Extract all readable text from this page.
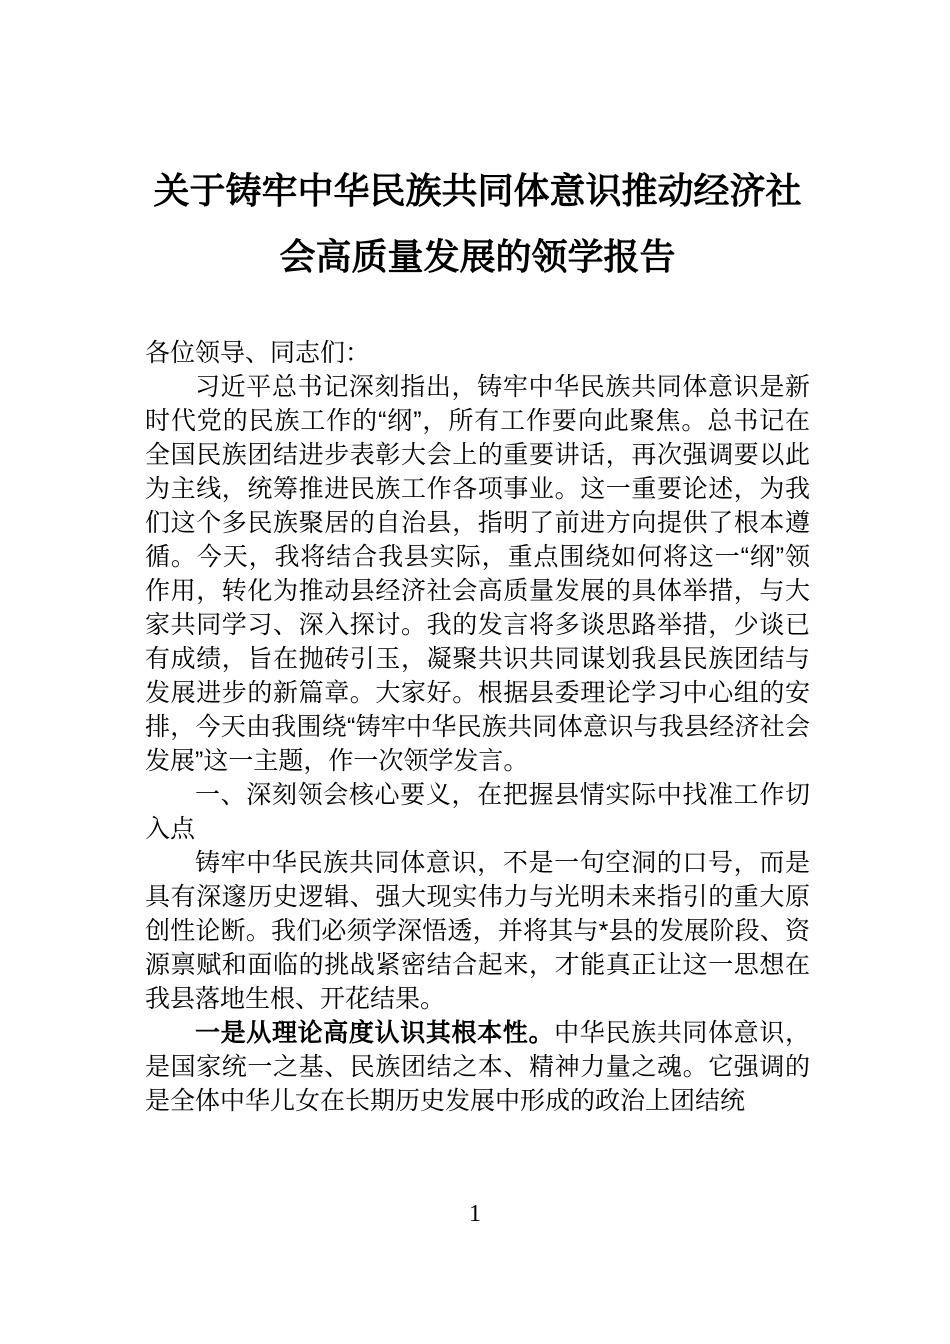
关于铸牢中华民族共同体意识推动经济社会高质量发展的领学报告

各位领导、同志们：

习近平总书记深刻指出，铸牢中华民族共同体意识是新时代党的民族工作的“纲”，所有工作要向此聚焦。总书记在全国民族团结进步表彰大会上的重要讲话，再次强调要以此为主线，统筹推进民族工作各项事业。这一重要论述，为我们这个多民族聚居的自治县，指明了前进方向提供了根本遵循。今天，我将结合我县实际，重点围绕如何将这一“纲”领作用，转化为推动县经济社会高质量发展的具体举措，与大家共同学习、深入探讨。我的发言将多谈思路举措，少谈已有成绩，旨在抛砖引玉，凝聚共识共同谋划我县民族团结与发展进步的新篇章。大家好。根据县委理论学习中心组的安排，今天由我围绕“铸牢中华民族共同体意识与我县经济社会发展”这一主题，作一次领学发言。

一、深刻领会核心要义，在把握县情实际中找准工作切入点

铸牢中华民族共同体意识，不是一句空洞的口号，而是具有深邃历史逻辑、强大现实伟力与光明未来指引的重大原创性论断。我们必须学深悟透，并将其与*县的发展阶段、资源禀赋和面临的挑战紧密结合起来，才能真正让这一思想在我县落地生根、开花结果。

一是从理论高度认识其根本性。中华民族共同体意识，是国家统一之基、民族团结之本、精神力量之魂。它强调的是全体中华儿女在长期历史发展中形成的政治上团结统

1
